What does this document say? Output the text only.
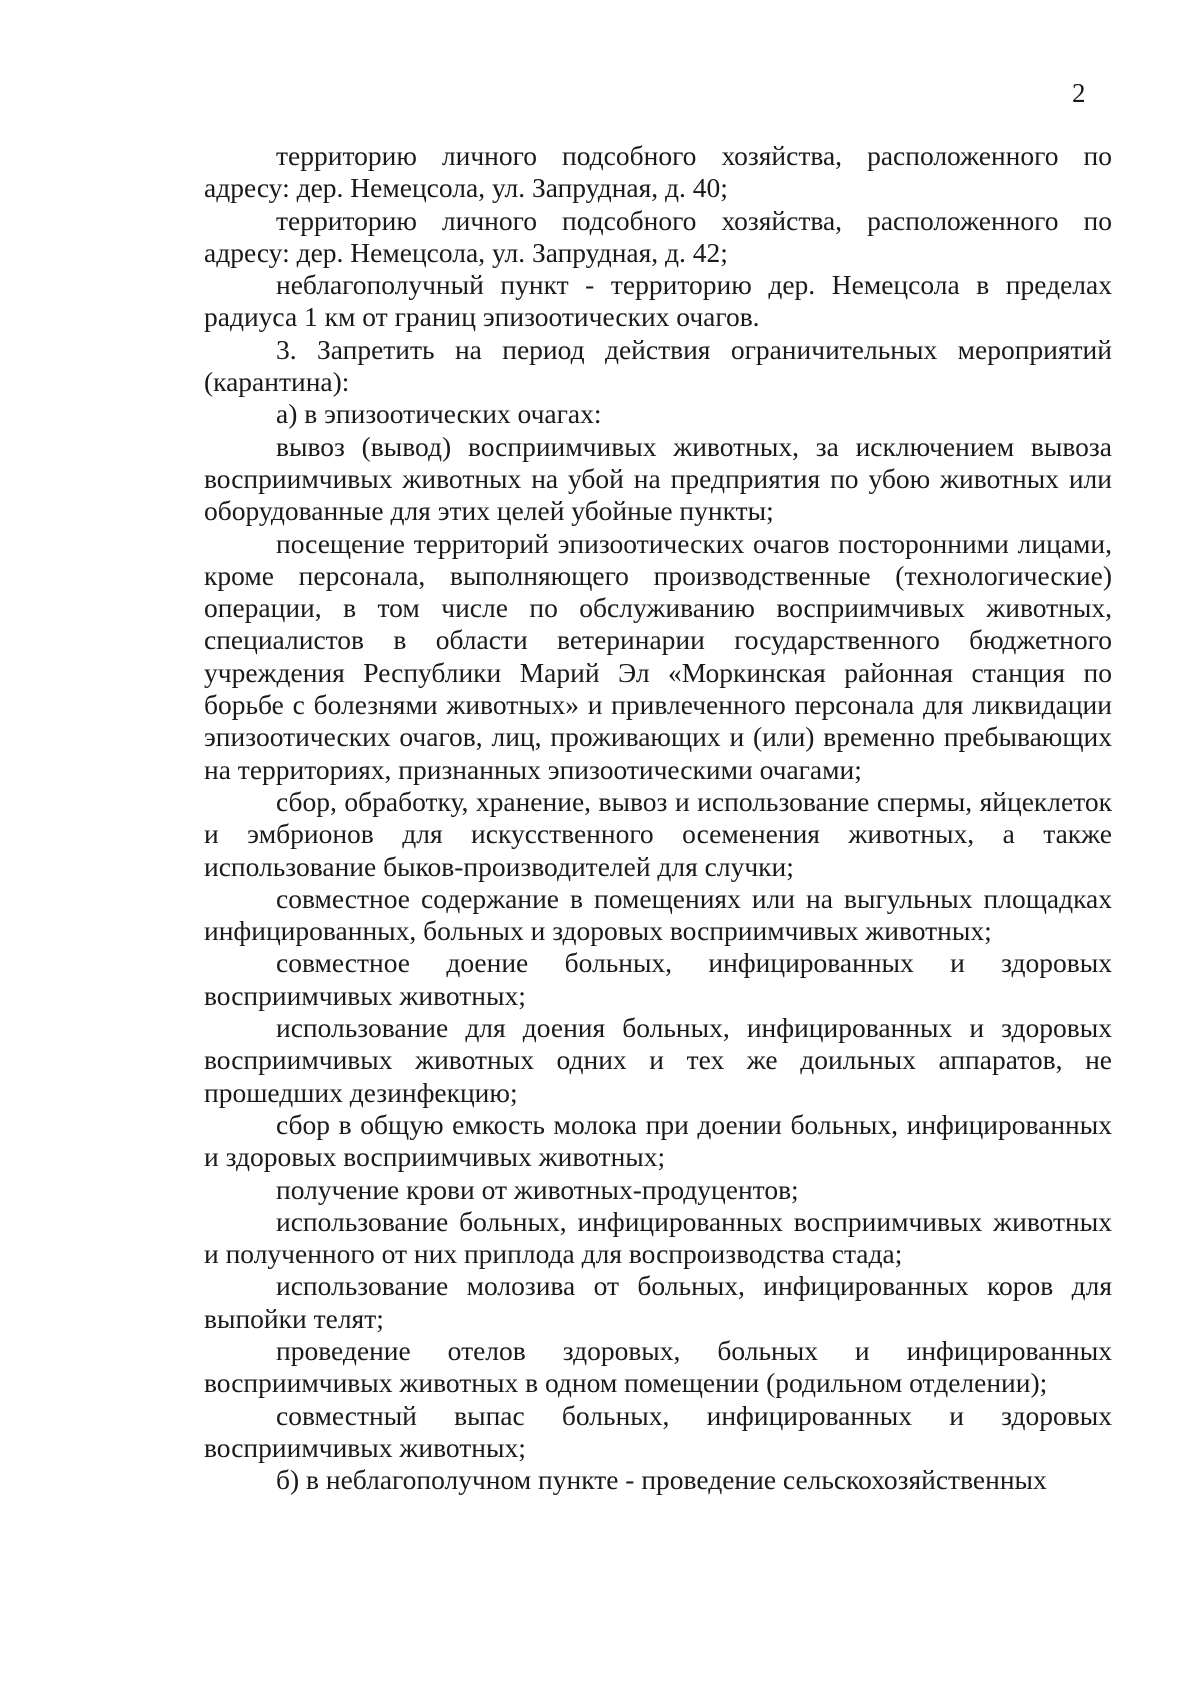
2

территорию личного подсобного хозяйства, расположенного по адресу: дер. Немецсола, ул. Запрудная, д. 40;

территорию личного подсобного хозяйства, расположенного по адресу: дер. Немецсола, ул. Запрудная, д. 42;

неблагополучный пункт - территорию дер. Немецсола в пределах радиуса 1 км от границ эпизоотических очагов.

3. Запретить на период действия ограничительных мероприятий (карантина):

а) в эпизоотических очагах:

вывоз (вывод) восприимчивых животных, за исключением вывоза восприимчивых животных на убой на предприятия по убою животных или оборудованные для этих целей убойные пункты;

посещение территорий эпизоотических очагов посторонними лицами, кроме персонала, выполняющего производственные (технологические) операции, в том числе по обслуживанию восприимчивых животных, специалистов в области ветеринарии государственного бюджетного учреждения Республики Марий Эл «Моркинская районная станция по борьбе с болезнями животных» и привлеченного персонала для ликвидации эпизоотических очагов, лиц, проживающих и (или) временно пребывающих на территориях, признанных эпизоотическими очагами;

сбор, обработку, хранение, вывоз и использование спермы, яйцеклеток и эмбрионов для искусственного осеменения животных, а также использование быков-производителей для случки;

совместное содержание в помещениях или на выгульных площадках инфицированных, больных и здоровых восприимчивых животных;

совместное доение больных, инфицированных и здоровых восприимчивых животных;

использование для доения больных, инфицированных и здоровых восприимчивых животных одних и тех же доильных аппаратов, не прошедших дезинфекцию;

сбор в общую емкость молока при доении больных, инфицированных и здоровых восприимчивых животных;

получение крови от животных-продуцентов;

использование больных, инфицированных восприимчивых животных и полученного от них приплода для воспроизводства стада;

использование молозива от больных, инфицированных коров для выпойки телят;

проведение отелов здоровых, больных и инфицированных восприимчивых животных в одном помещении (родильном отделении);

совместный выпас больных, инфицированных и здоровых восприимчивых животных;

б) в неблагополучном пункте - проведение сельскохозяйственных
